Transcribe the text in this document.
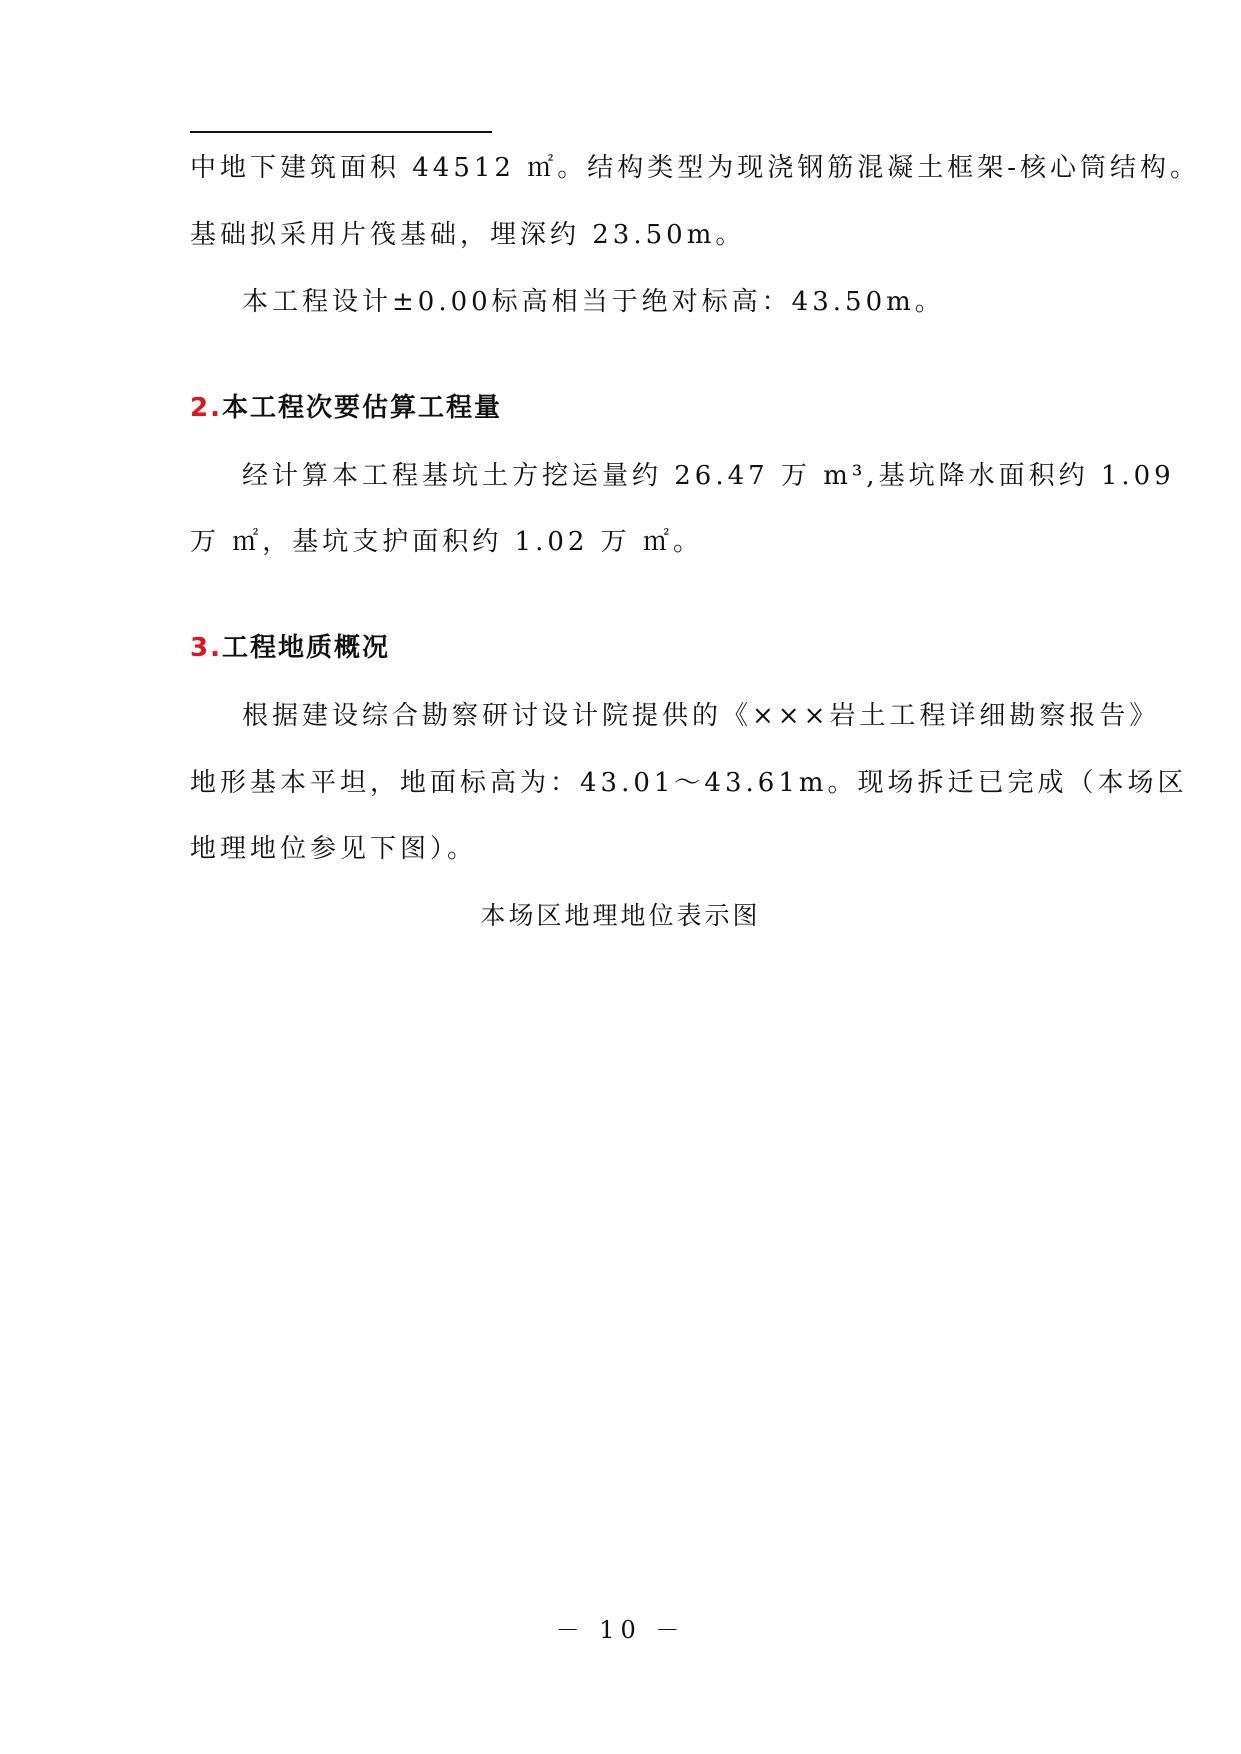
中地下建筑面积 44512 ㎡。结构类型为现浇钢筋混凝土框架-核心筒结构。
基础拟采用片筏基础，埋深约 23.50m。
本工程设计±0.00标高相当于绝对标高：43.50m。
2.本工程次要估算工程量
经计算本工程基坑土方挖运量约 26.47 万 m³,基坑降水面积约 1.09
万 ㎡，基坑支护面积约 1.02 万 ㎡。
3.工程地质概况
根据建设综合勘察研讨设计院提供的《×××岩土工程详细勘察报告》
地形基本平坦，地面标高为：43.01～43.61m。现场拆迁已完成（本场区
地理地位参见下图）。
本场区地理地位表示图
－ 10 －
